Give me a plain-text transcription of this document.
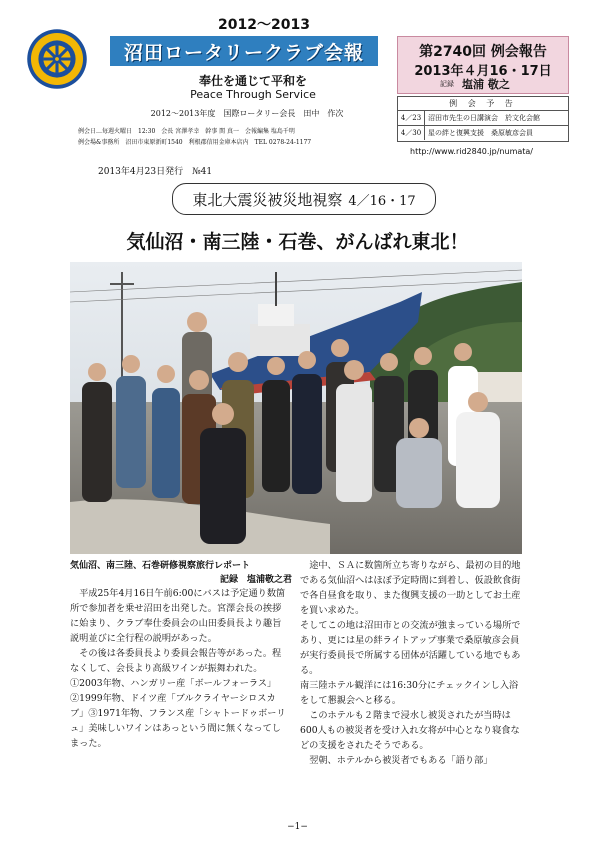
2012〜2013
沼田ロータリークラブ会報
奉仕を通じて平和を
Peace Through Service
2012〜2013年度　国際ロータリー会長　田中　作次
例会日…毎週火曜日　12:30　会長 宮澤孝幸　幹事 関 真一　会報編集 塩島千明
例会場&事務所　沼田市東原新町1540　利根郡信用金庫本店内　TEL 0278-24-1177
第2740回 例会報告
2013年４月16・17日
記録 塩浦 敬之
例 会 予 告
4／23 沼田市先生の日講演会　於文化会館
4／30 星の絆と復興支援　桑原敏彦会員
http://www.rid2840.jp/numata/
2013年4月23日発行　№41
東北大震災被災地視察 4／16・17
気仙沼・南三陸・石巻、がんばれ東北！
気仙沼、南三陸、石巻研修視察旅行レポート
記録　塩浦敬之君

平成25年4月16日午前6:00にバスは予定通り数箇所で参加者を乗せ沼田を出発した。宮澤会長の挨拶に始まり、クラブ奉仕委員会の山田委員長より趣旨説明並びに全行程の説明があった。

その後は各委員長より委員会報告等があった。程なくして、会長より高級ワインが振舞われた。①2003年物、ハンガリー産「ボールフォーラス」②1999年物、ドイツ産「ブルクライヤーシロスカブ」③1971年物、フランス産「シャトードゥボーリュ」美味しいワインはあっという間に無くなってしまった。

途中、ＳＡに数箇所立ち寄りながら、最初の目的地である気仙沼へはほぼ予定時間に到着し、仮設飲食街で各自昼食を取り、また復興支援の一助としてお土産を買い求めた。

そしてこの地は沼田市との交流が強まっている場所であり、更には星の絆ライトアップ事業で桑原敏彦会員が実行委員長で所属する団体が活躍している地でもある。

南三陸ホテル観洋には16:30分にチェックインし入浴をして懇親会へと移る。

このホテルも２階まで浸水し被災されたが当時は600人もの被災者を受け入れ女将が中心となり寝食などの支援をされたそうである。

翌朝、ホテルから被災者でもある「語り部」

−1−
